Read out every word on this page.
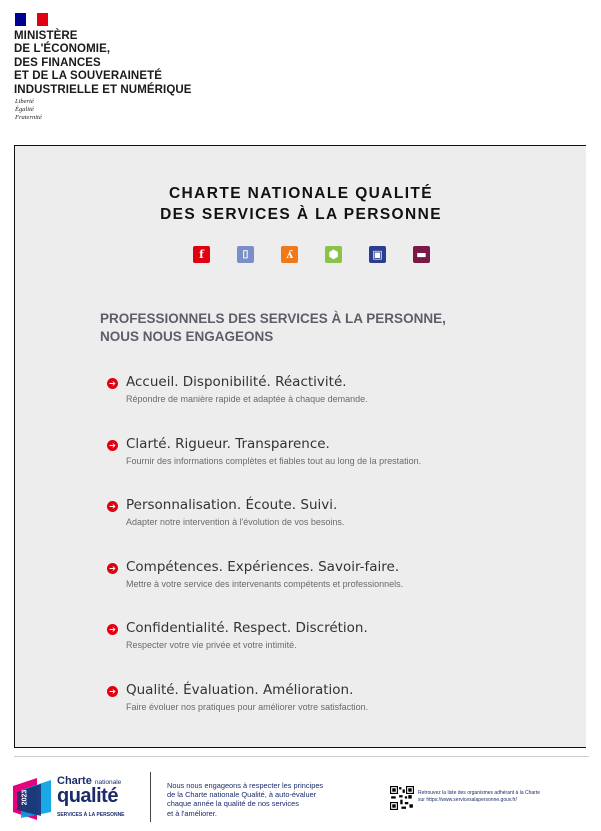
MINISTÈRE
DE L'ÉCONOMIE,
DES FINANCES
ET DE LA SOUVERAINETÉ
INDUSTRIELLE ET NUMÉRIQUE
Liberté
Égalité
Fraternité
CHARTE NATIONALE QUALITÉ
DES SERVICES À LA PERSONNE
f	⌷	ʎ	⬢	▣	▬
PROFESSIONNELS DES SERVICES À LA PERSONNE,
NOUS NOUS ENGAGEONS
➔ Accueil. Disponibilité. Réactivité.
Répondre de manière rapide et adaptée à chaque demande.
➔ Clarté. Rigueur. Transparence.
Fournir des informations complètes et fiables tout au long de la prestation.
➔ Personnalisation. Écoute. Suivi.
Adapter notre intervention à l'évolution de vos besoins.
➔ Compétences. Expériences. Savoir-faire.
Mettre à votre service des intervenants compétents et professionnels.
➔ Confidentialité. Respect. Discrétion.
Respecter votre vie privée et votre intimité.
➔ Qualité. Évaluation. Amélioration.
Faire évoluer nos pratiques pour améliorer votre satisfaction.
2023
Charte nationale
qualité
SERVICES À LA PERSONNE
Nous nous engageons à respecter les principes
de la Charte nationale Qualité, à auto-évaluer
chaque année la qualité de nos services
et à l'améliorer.
Retrouvez la liste des organismes adhérant à la Charte
sur https://www.servicesalapersonne.gouv.fr/
